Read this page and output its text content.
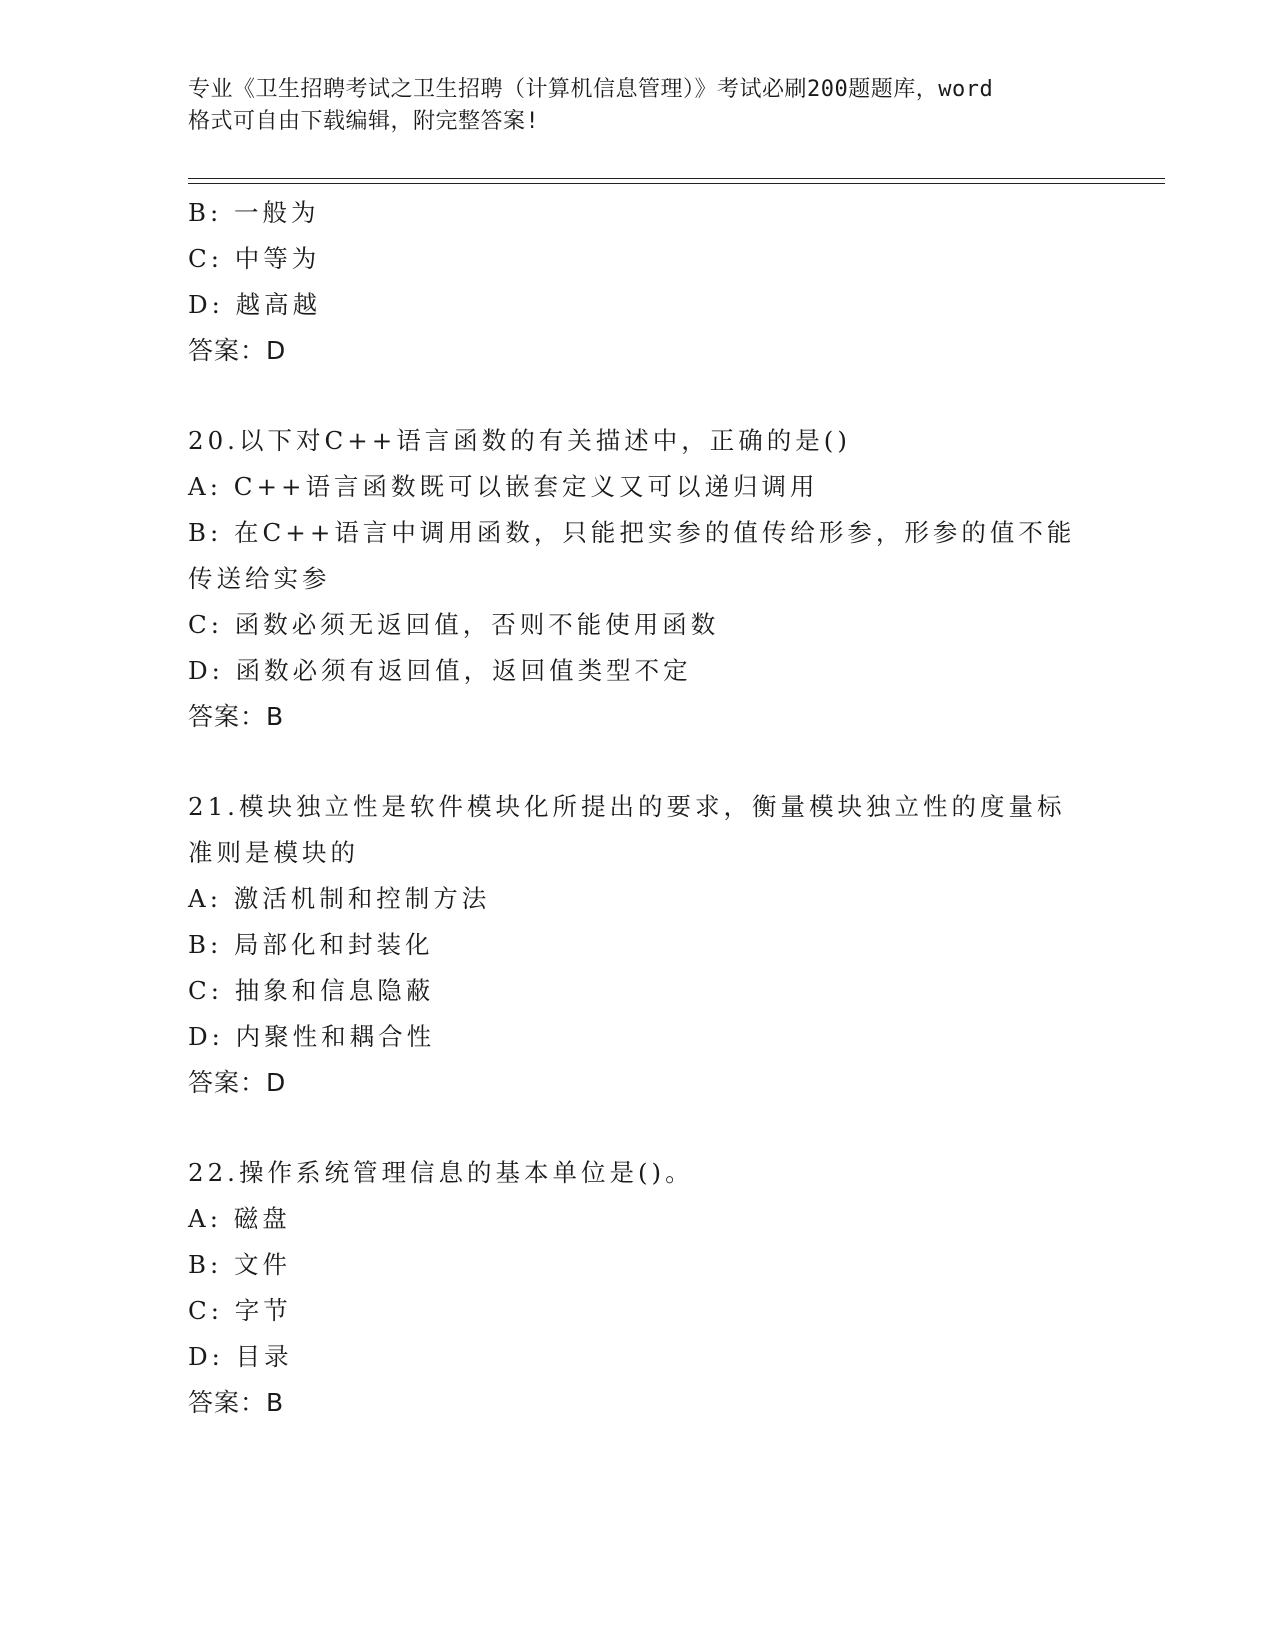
专业《卫生招聘考试之卫生招聘（计算机信息管理）》考试必刷200题题库，word
格式可自由下载编辑，附完整答案!
B: 一般为
C: 中等为
D: 越高越
答案：D
20.以下对C++语言函数的有关描述中，正确的是()
A: C++语言函数既可以嵌套定义又可以递归调用
B: 在C++语言中调用函数，只能把实参的值传给形参，形参的值不能
传送给实参
C: 函数必须无返回值，否则不能使用函数
D: 函数必须有返回值，返回值类型不定
答案：B
21.模块独立性是软件模块化所提出的要求，衡量模块独立性的度量标
准则是模块的
A: 激活机制和控制方法
B: 局部化和封装化
C: 抽象和信息隐蔽
D: 内聚性和耦合性
答案：D
22.操作系统管理信息的基本单位是()。
A: 磁盘
B: 文件
C: 字节
D: 目录
答案：B
